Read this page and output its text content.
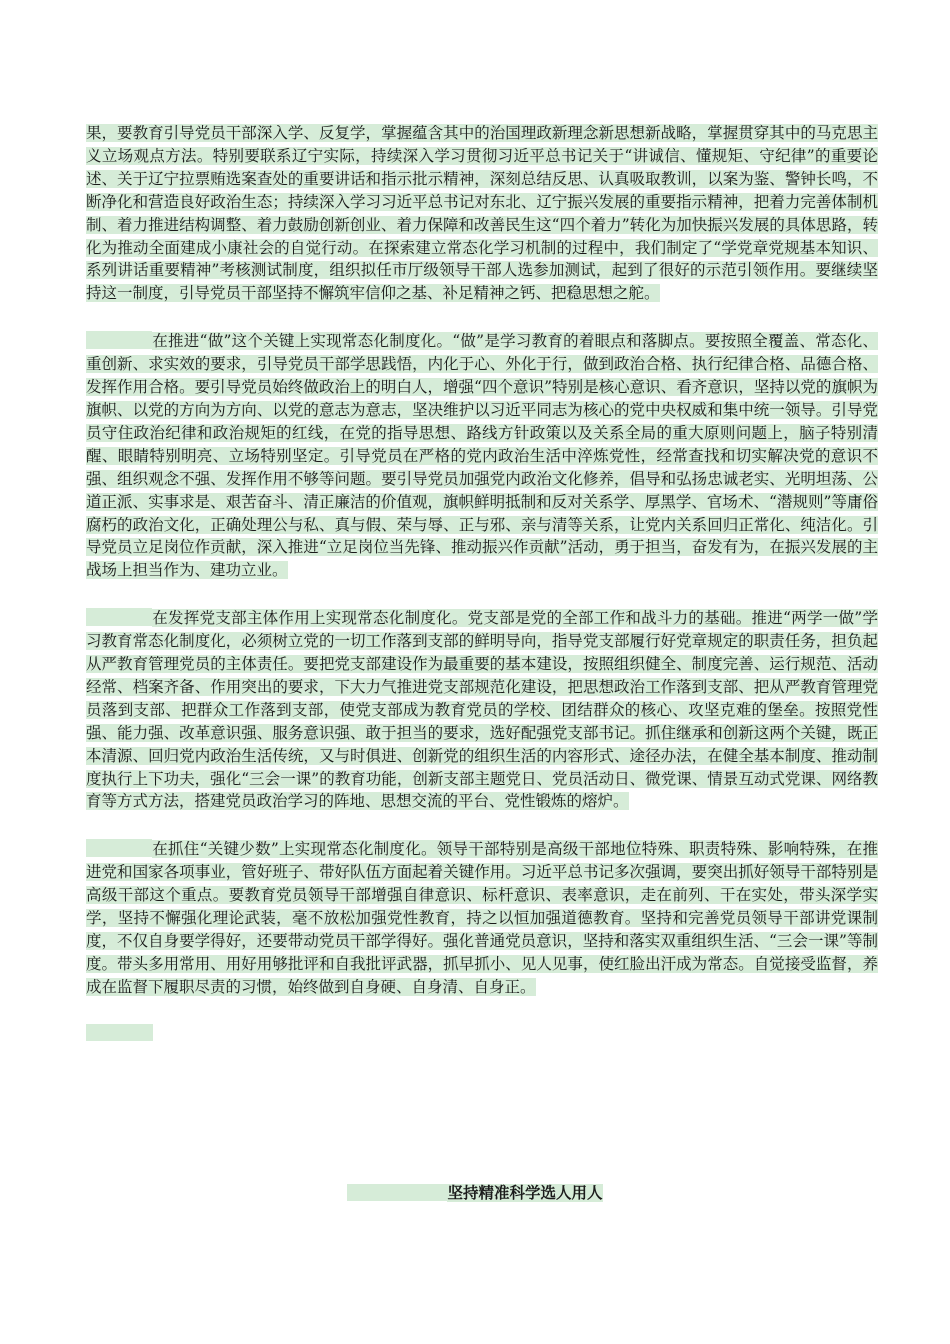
果，要教育引导党员干部深入学、反复学，掌握蕴含其中的治国理政新理念新思想新战略，掌握贯穿其中的马克思主义立场观点方法。特别要联系辽宁实际，持续深入学习贯彻习近平总书记关于“讲诚信、懂规矩、守纪律”的重要论述、关于辽宁拉票贿选案查处的重要讲话和指示批示精神，深刻总结反思、认真吸取教训，以案为鉴、警钟长鸣，不断净化和营造良好政治生态；持续深入学习习近平总书记对东北、辽宁振兴发展的重要指示精神，把着力完善体制机制、着力推进结构调整、着力鼓励创新创业、着力保障和改善民生这“四个着力”转化为加快振兴发展的具体思路，转化为推动全面建成小康社会的自觉行动。在探索建立常态化学习机制的过程中，我们制定了“学党章党规基本知识、系列讲话重要精神”考核测试制度，组织拟任市厅级领导干部人选参加测试，起到了很好的示范引领作用。要继续坚持这一制度，引导党员干部坚持不懈筑牢信仰之基、补足精神之钙、把稳思想之舵。

在推进“做”这个关键上实现常态化制度化。“做”是学习教育的着眼点和落脚点。要按照全覆盖、常态化、重创新、求实效的要求，引导党员干部学思践悟，内化于心、外化于行，做到政治合格、执行纪律合格、品德合格、发挥作用合格。要引导党员始终做政治上的明白人，增强“四个意识”特别是核心意识、看齐意识，坚持以党的旗帜为旗帜、以党的方向为方向、以党的意志为意志，坚决维护以习近平同志为核心的党中央权威和集中统一领导。引导党员守住政治纪律和政治规矩的红线，在党的指导思想、路线方针政策以及关系全局的重大原则问题上，脑子特别清醒、眼睛特别明亮、立场特别坚定。引导党员在严格的党内政治生活中淬炼党性，经常查找和切实解决党的意识不强、组织观念不强、发挥作用不够等问题。要引导党员加强党内政治文化修养，倡导和弘扬忠诚老实、光明坦荡、公道正派、实事求是、艰苦奋斗、清正廉洁的价值观，旗帜鲜明抵制和反对关系学、厚黑学、官场术、“潜规则”等庸俗腐朽的政治文化，正确处理公与私、真与假、荣与辱、正与邪、亲与清等关系，让党内关系回归正常化、纯洁化。引导党员立足岗位作贡献，深入推进“立足岗位当先锋、推动振兴作贡献”活动，勇于担当，奋发有为，在振兴发展的主战场上担当作为、建功立业。

在发挥党支部主体作用上实现常态化制度化。党支部是党的全部工作和战斗力的基础。推进“两学一做”学习教育常态化制度化，必须树立党的一切工作落到支部的鲜明导向，指导党支部履行好党章规定的职责任务，担负起从严教育管理党员的主体责任。要把党支部建设作为最重要的基本建设，按照组织健全、制度完善、运行规范、活动经常、档案齐备、作用突出的要求，下大力气推进党支部规范化建设，把思想政治工作落到支部、把从严教育管理党员落到支部、把群众工作落到支部，使党支部成为教育党员的学校、团结群众的核心、攻坚克难的堡垒。按照党性强、能力强、改革意识强、服务意识强、敢于担当的要求，选好配强党支部书记。抓住继承和创新这两个关键，既正本清源、回归党内政治生活传统，又与时俱进、创新党的组织生活的内容形式、途径办法，在健全基本制度、推动制度执行上下功夫，强化“三会一课”的教育功能，创新支部主题党日、党员活动日、微党课、情景互动式党课、网络教育等方式方法，搭建党员政治学习的阵地、思想交流的平台、党性锻炼的熔炉。

在抓住“关键少数”上实现常态化制度化。领导干部特别是高级干部地位特殊、职责特殊、影响特殊，在推进党和国家各项事业，管好班子、带好队伍方面起着关键作用。习近平总书记多次强调，要突出抓好领导干部特别是高级干部这个重点。要教育党员领导干部增强自律意识、标杆意识、表率意识，走在前列、干在实处，带头深学实学，坚持不懈强化理论武装，毫不放松加强党性教育，持之以恒加强道德教育。坚持和完善党员领导干部讲党课制度，不仅自身要学得好，还要带动党员干部学得好。强化普通党员意识，坚持和落实双重组织生活、“三会一课”等制度。带头多用常用、用好用够批评和自我批评武器，抓早抓小、见人见事，使红脸出汗成为常态。自觉接受监督，养成在监督下履职尽责的习惯，始终做到自身硬、自身清、自身正。

坚持精准科学选人用人
